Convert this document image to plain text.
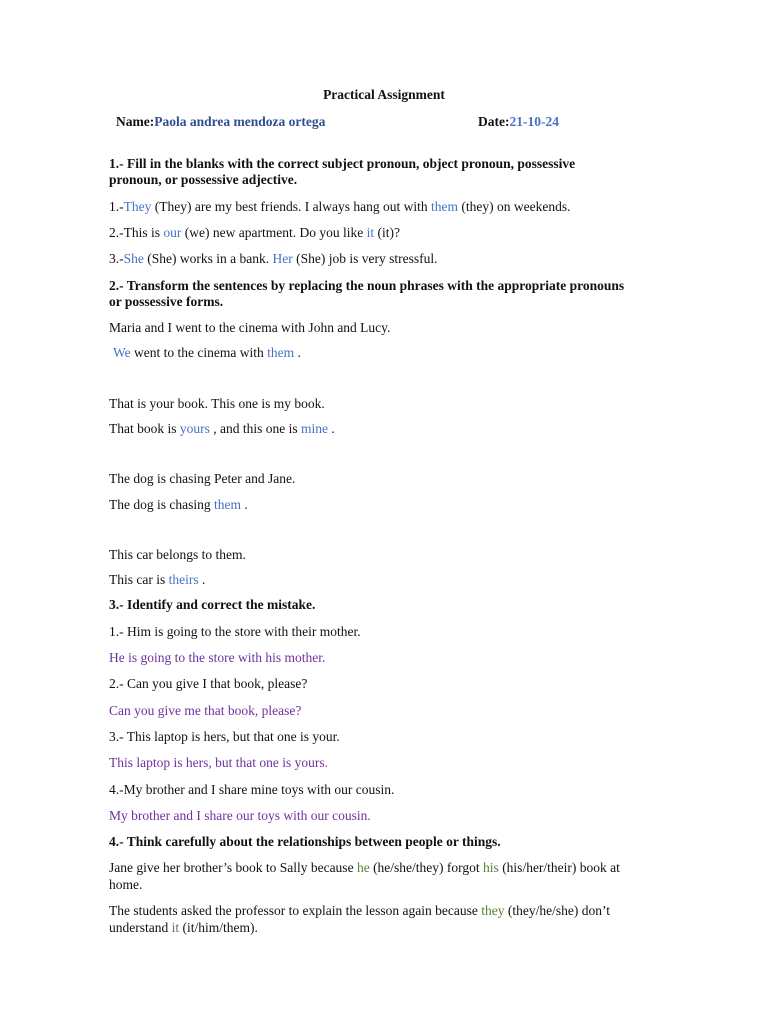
Practical Assignment
Name:Paola andrea mendoza ortega	Date:21-10-24
1.- Fill in the blanks with the correct subject pronoun, object pronoun, possessive
pronoun, or possessive adjective.
1.-They (They) are my best friends. I always hang out with them (they) on weekends.
2.-This is our (we) new apartment. Do you like it (it)?
3.-She (She) works in a bank. Her (She) job is very stressful.
2.- Transform the sentences by replacing the noun phrases with the appropriate pronouns
or possessive forms.
Maria and I went to the cinema with John and Lucy.
We went to the cinema with them .
That is your book. This one is my book.
That book is yours , and this one is mine .
The dog is chasing Peter and Jane.
The dog is chasing them .
This car belongs to them.
This car is theirs .
3.- Identify and correct the mistake.
1.- Him is going to the store with their mother.
He is going to the store with his mother.
2.- Can you give I that book, please?
Can you give me that book, please?
3.- This laptop is hers, but that one is your.
This laptop is hers, but that one is yours.
4.-My brother and I share mine toys with our cousin.
My brother and I share our toys with our cousin.
4.- Think carefully about the relationships between people or things.
Jane give her brother’s book to Sally because he (he/she/they) forgot his (his/her/their) book at
home.
The students asked the professor to explain the lesson again because they (they/he/she) don’t
understand it (it/him/them).
